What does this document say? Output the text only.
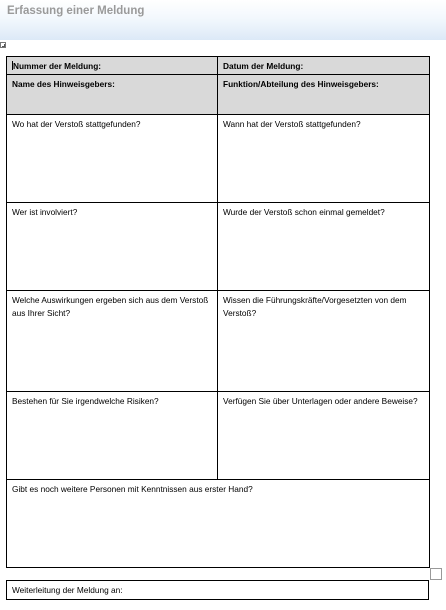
Erfassung einer Meldung
Nummer der Meldung:	Datum der Meldung:
Name des Hinweisgebers:	Funktion/Abteilung des Hinweisgebers:
Wo hat der Verstoß stattgefunden?	Wann hat der Verstoß stattgefunden?
Wer ist involviert?	Wurde der Verstoß schon einmal gemeldet?
Welche Auswirkungen ergeben sich aus dem Verstoß aus Ihrer Sicht?	Wissen die Führungskräfte/Vorgesetzten von dem Verstoß?
Bestehen für Sie irgendwelche Risiken?	Verfügen Sie über Unterlagen oder andere Beweise?
Gibt es noch weitere Personen mit Kenntnissen aus erster Hand?	
Weiterleitung der Meldung an:
